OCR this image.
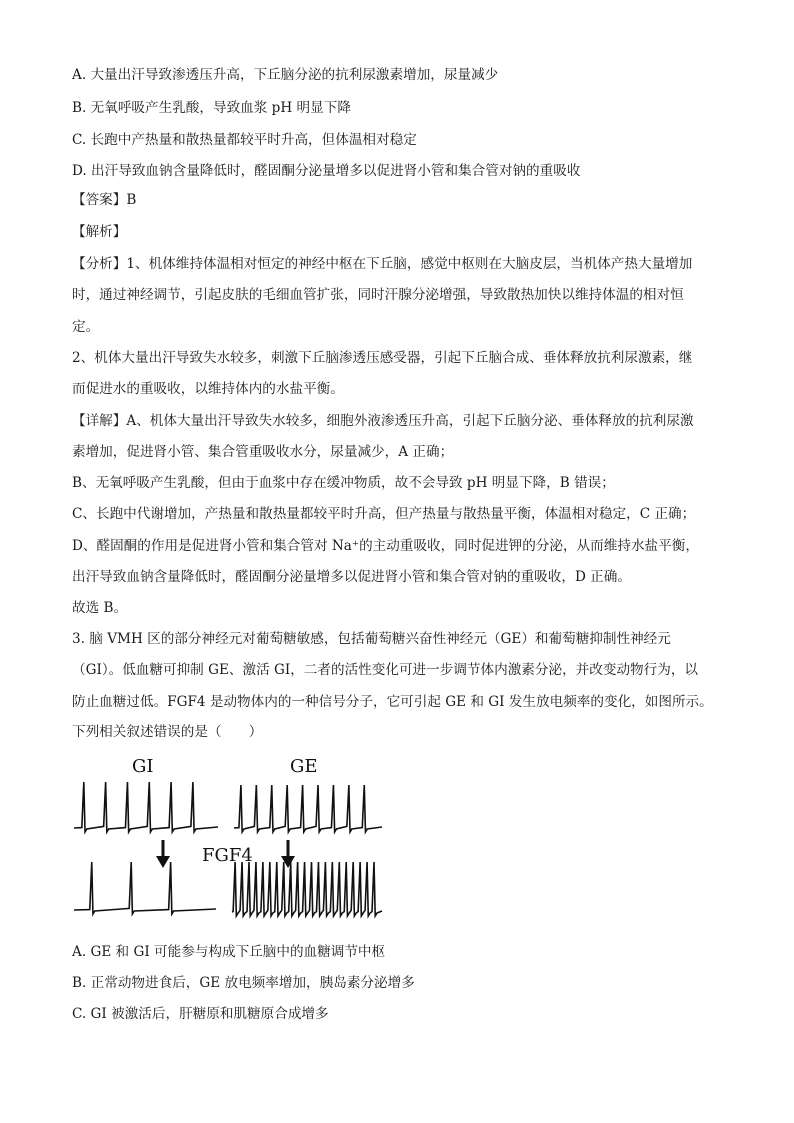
A. 大量出汗导致渗透压升高，下丘脑分泌的抗利尿激素增加，尿量减少
B. 无氧呼吸产生乳酸，导致血浆 pH 明显下降
C. 长跑中产热量和散热量都较平时升高，但体温相对稳定
D. 出汗导致血钠含量降低时，醛固酮分泌量增多以促进肾小管和集合管对钠的重吸收
【答案】B
【解析】
【分析】1、机体维持体温相对恒定的神经中枢在下丘脑，感觉中枢则在大脑皮层，当机体产热大量增加
时，通过神经调节，引起皮肤的毛细血管扩张，同时汗腺分泌增强，导致散热加快以维持体温的相对恒
定。
2、机体大量出汗导致失水较多，刺激下丘脑渗透压感受器，引起下丘脑合成、垂体释放抗利尿激素，继
而促进水的重吸收，以维持体内的水盐平衡。
【详解】A、机体大量出汗导致失水较多，细胞外液渗透压升高，引起下丘脑分泌、垂体释放的抗利尿激
素增加，促进肾小管、集合管重吸收水分，尿量减少，A 正确；
B、无氧呼吸产生乳酸，但由于血浆中存在缓冲物质，故不会导致 pH 明显下降，B 错误；
C、长跑中代谢增加，产热量和散热量都较平时升高，但产热量与散热量平衡，体温相对稳定，C 正确；
D、醛固酮的作用是促进肾小管和集合管对 Na⁺的主动重吸收，同时促进钾的分泌，从而维持水盐平衡，
出汗导致血钠含量降低时，醛固酮分泌量增多以促进肾小管和集合管对钠的重吸收，D 正确。
故选 B。
3. 脑 VMH 区的部分神经元对葡萄糖敏感，包括葡萄糖兴奋性神经元（GE）和葡萄糖抑制性神经元
（GI）。低血糖可抑制 GE、激活 GI，二者的活性变化可进一步调节体内激素分泌，并改变动物行为，以
防止血糖过低。FGF4 是动物体内的一种信号分子，它可引起 GE 和 GI 发生放电频率的变化，如图所示。
下列相关叙述错误的是（　　）
GI	GE
FGF4
A. GE 和 GI 可能参与构成下丘脑中的血糖调节中枢
B. 正常动物进食后，GE 放电频率增加，胰岛素分泌增多
C. GI 被激活后，肝糖原和肌糖原合成增多
